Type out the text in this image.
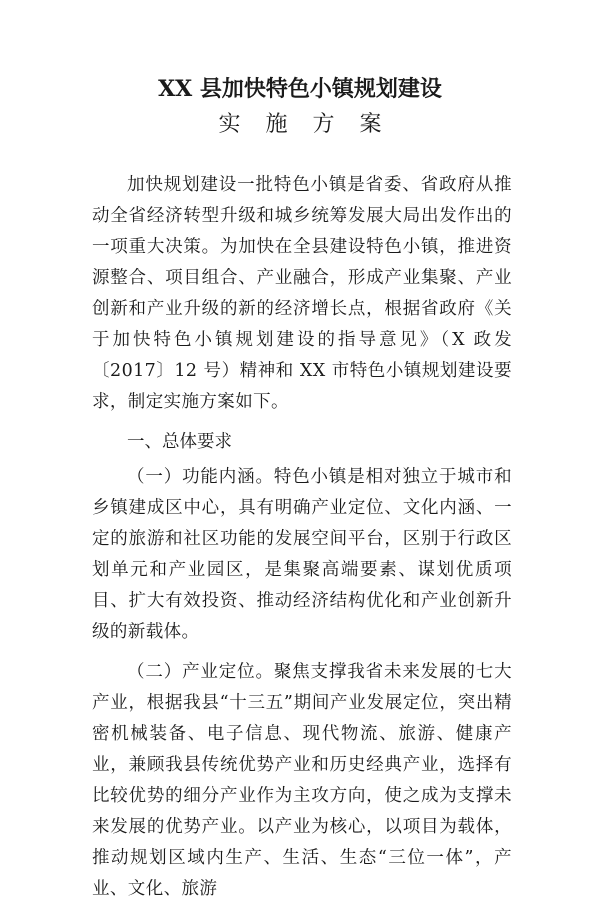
XX 县加快特色小镇规划建设
实 施 方 案

加快规划建设一批特色小镇是省委、省政府从推动全省经济转型升级和城乡统筹发展大局出发作出的一项重大决策。为加快在全县建设特色小镇，推进资源整合、项目组合、产业融合，形成产业集聚、产业创新和产业升级的新的经济增长点，根据省政府《关于加快特色小镇规划建设的指导意见》（X 政发〔2017〕12 号）精神和 XX 市特色小镇规划建设要求，制定实施方案如下。

一、总体要求

（一）功能内涵。特色小镇是相对独立于城市和乡镇建成区中心，具有明确产业定位、文化内涵、一定的旅游和社区功能的发展空间平台，区别于行政区划单元和产业园区，是集聚高端要素、谋划优质项目、扩大有效投资、推动经济结构优化和产业创新升级的新载体。

（二）产业定位。聚焦支撑我省未来发展的七大产业，根据我县“十三五”期间产业发展定位，突出精密机械装备、电子信息、现代物流、旅游、健康产业，兼顾我县传统优势产业和历史经典产业，选择有比较优势的细分产业作为主攻方向，使之成为支撑未来发展的优势产业。以产业为核心，以项目为载体，推动规划区域内生产、生活、生态“三位一体”，产业、文化、旅游
